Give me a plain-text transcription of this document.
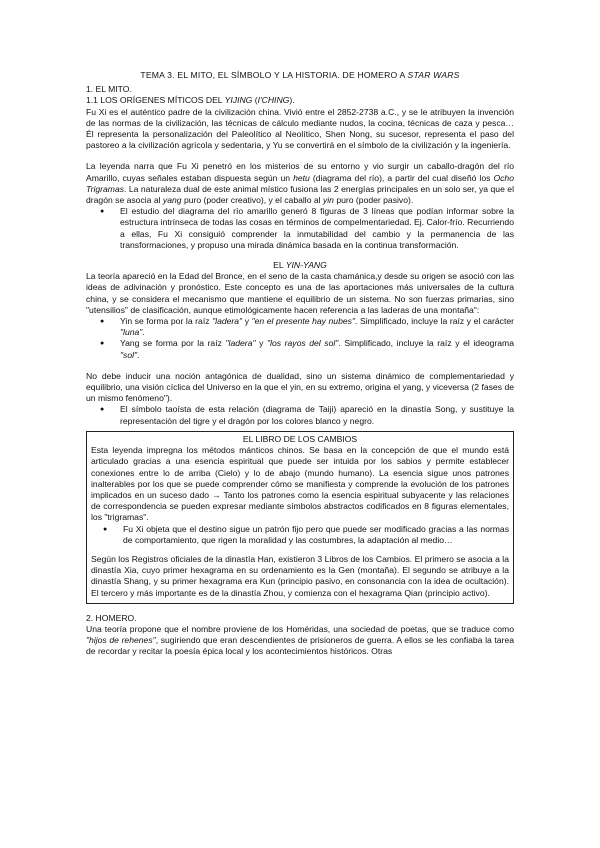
TEMA 3. EL MITO, EL SÍMBOLO Y LA HISTORIA. DE HOMERO A STAR WARS

1. EL MITO.

1.1 LOS ORÍGENES MÍTICOS DEL YIJING (I'CHING).

Fu Xi es el auténtico padre de la civilización china. Vivió entre el 2852-2738 a.C., y se le atribuyen la invención de las normas de la civilización, las técnicas de cálculo mediante nudos, la cocina, técnicas de caza y pesca… Él representa la personalización del Paleolítico al Neolítico, Shen Nong, su sucesor, representa el paso del pastoreo a la civilización agrícola y sedentaria, y Yu se convertirá en el símbolo de la civilización y la ingeniería.

La leyenda narra que Fu Xi penetró en los misterios de su entorno y vio surgir un caballo-dragón del río Amarillo, cuyas señales estaban dispuesta según un hetu (diagrama del río), a partir del cual diseñó los Ocho Trigramas. La naturaleza dual de este animal místico fusiona las 2 energías principales en un solo ser, ya que el dragón se asocia al yang puro (poder creativo), y el caballo al yin puro (poder pasivo).

● El estudio del diagrama del río amarillo generó 8 figuras de 3 líneas que podían informar sobre la estructura intrínseca de todas las cosas en términos de compelmentariedad. Ej. Calor-frío. Recurriendo a ellas, Fu Xi consiguió comprender la inmutabilidad del cambio y la permanencia de las transformaciones, y propuso una mirada dinámica basada en la continua transformación.

EL YIN-YANG

La teoría apareció en la Edad del Bronce, en el seno de la casta chamánica,y desde su origen se asoció con las ideas de adivinación y pronóstico. Este concepto es una de las aportaciones más universales de la cultura china, y se considera el mecanismo que mantiene el equilibrio de un sistema. No son fuerzas primarias, sino "utensilios" de clasificación, aunque etimológicamente hacen referencia a las laderas de una montaña":

● Yin se forma por la raíz "ladera" y "en el presente hay nubes". Simplificado, incluye la raíz y el carácter "luna".
● Yang se forma por la raíz "ladera" y "los rayos del sol". Simplificado, incluye la raíz y el ideograma "sol".

No debe inducir una noción antagónica de dualidad, sino un sistema dinámico de complementariedad y equilibrio, una visión cíclica del Universo en la que el yin, en su extremo, origina el yang, y viceversa (2 fases de un mismo fenómeno").

● El símbolo taoísta de esta relación (diagrama de Taiji) apareció en la dinastía Song, y sustituye la representación del tigre y el dragón por los colores blanco y negro.

EL LIBRO DE LOS CAMBIOS

Esta leyenda impregna los métodos mánticos chinos. Se basa en la concepción de que el mundo está articulado gracias a una esencia espiritual que puede ser intuida por los sabios y permite establecer conexiones entre lo de arriba (Cielo) y lo de abajo (mundo humano). La esencia sigue unos patrones inalterables por los que se puede comprender cómo se manifiesta y comprende la evolución de los patrones implicados en un suceso dado → Tanto los patrones como la esencia espiritual subyacente y las relaciones de correspondencia se pueden expresar mediante símbolos abstractos codificados en 8 figuras elementales, los "trigramas".

● Fu Xi objeta que el destino sigue un patrón fijo pero que puede ser modificado gracias a las normas de comportamiento, que rigen la moralidad y las costumbres, la adaptación al medio…

Según los Registros oficiales de la dinastía Han, existieron 3 Libros de los Cambios. El primero se asocia a la dinastía Xia, cuyo primer hexagrama en su ordenamiento es la Gen (montaña). El segundo se atribuye a la dinastía Shang, y su primer hexagrama era Kun (principio pasivo, en consonancia con la idea de ocultación). El tercero y más importante es de la dinastía Zhou, y comienza con el hexagrama Qian (principio activo).

2. HOMERO.

Una teoría propone que el nombre proviene de los Homéridas, una sociedad de poetas, que se traduce como "hijos de rehenes", sugiriendo que eran descendientes de prisioneros de guerra. A ellos se les confiaba la tarea de recordar y recitar la poesía épica local y los acontecimientos históricos. Otras
